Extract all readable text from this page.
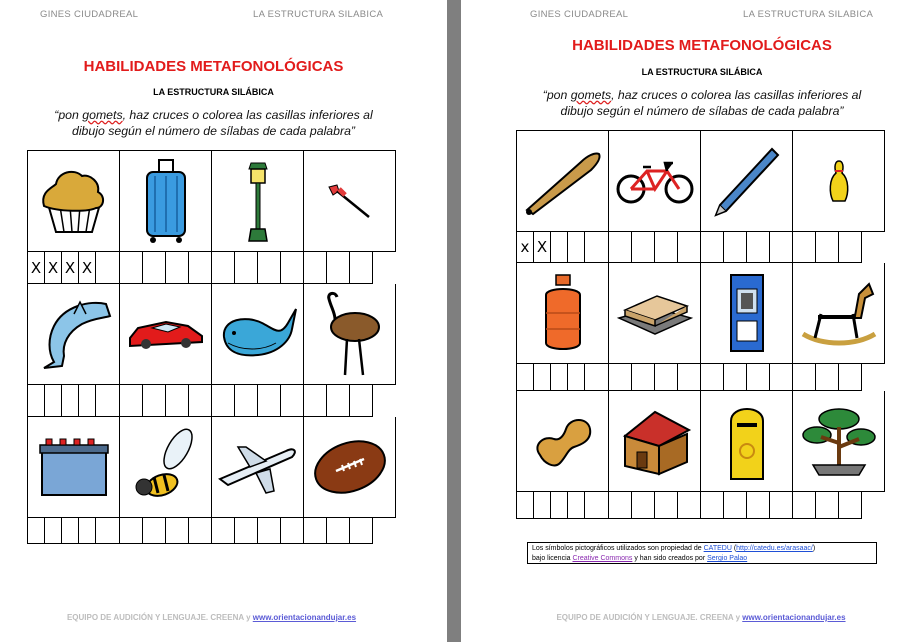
GINES CIUDADREAL	LA ESTRUCTURA SILABICA
HABILIDADES METAFONOLÓGICAS
LA ESTRUCTURA SILÁBICA
“pon gomets, haz cruces o colorea las casillas inferiores al
dibujo según el número de sílabas de cada palabra”
X X X X
EQUIPO DE AUDICIÓN Y LENGUAJE. CREENA y www.orientacionandujar.es
GINES CIUDADREAL	LA ESTRUCTURA SILABICA
HABILIDADES METAFONOLÓGICAS
LA ESTRUCTURA SILÁBICA
“pon gomets, haz cruces o colorea las casillas inferiores al
dibujo según el número de sílabas de cada palabra”
x X
Los símbolos pictográficos utilizados son propiedad de CATEDU (http://catedu.es/arasaac/)
bajo licencia Creative Commons y han sido creados por Sergio Palao
EQUIPO DE AUDICIÓN Y LENGUAJE. CREENA y www.orientacionandujar.es
